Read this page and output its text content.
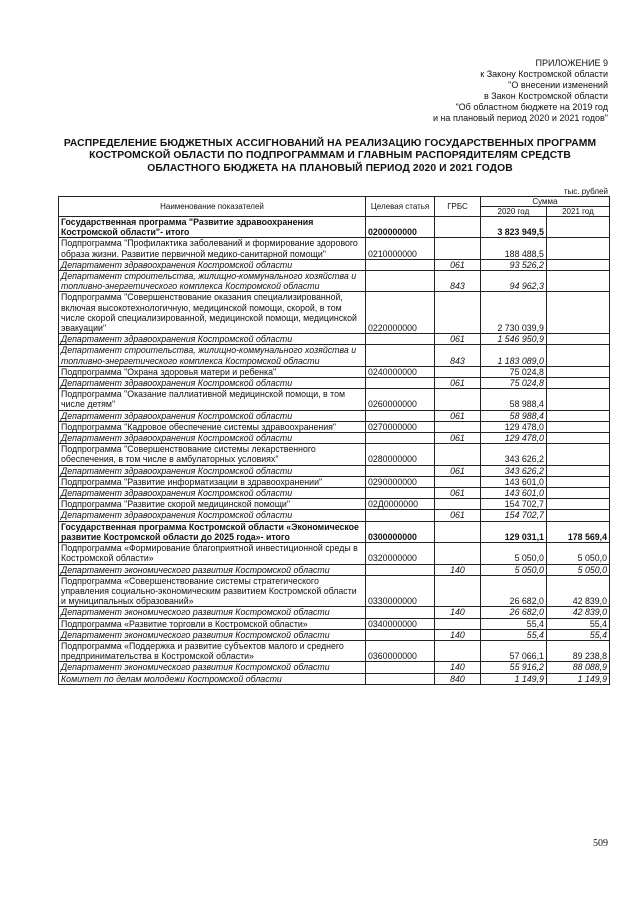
ПРИЛОЖЕНИЕ 9
к Закону Костромской области
"О внесении изменений
в Закон Костромской области
"Об областном бюджете на 2019 год
и на плановый период 2020 и 2021 годов"
РАСПРЕДЕЛЕНИЕ БЮДЖЕТНЫХ АССИГНОВАНИЙ НА РЕАЛИЗАЦИЮ ГОСУДАРСТВЕННЫХ ПРОГРАММ КОСТРОМСКОЙ ОБЛАСТИ ПО ПОДПРОГРАММАМ И ГЛАВНЫМ РАСПОРЯДИТЕЛЯМ СРЕДСТВ ОБЛАСТНОГО БЮДЖЕТА НА ПЛАНОВЫЙ ПЕРИОД 2020 И 2021 ГОДОВ
тыс. рублей
Наименование показателей	Целевая статья	ГРБС	Сумма	
			2020 год	2021 год
Государственная программа "Развитие здравоохранения Костромской области"- итого	0200000000		3 823 949,5	
Подпрограмма "Профилактика заболеваний и формирование здорового образа жизни. Развитие первичной медико-санитарной помощи"	0210000000		188 488,5	
Департамент здравоохранения Костромской области		061	93 526,2	
Департамент строительства, жилищно-коммунального хозяйства и топливно-энергетического комплекса Костромской области		843	94 962,3	
Подпрограмма "Совершенствование оказания специализированной, включая высокотехнологичную, медицинской помощи, скорой, в том числе скорой специализированной, медицинской помощи, медицинской эвакуации"	0220000000		2 730 039,9	
Департамент здравоохранения Костромской области		061	1 546 950,9	
Департамент строительства, жилищно-коммунального хозяйства и топливно-энергетического комплекса Костромской области		843	1 183 089,0	
Подпрограмма "Охрана здоровья матери и ребенка"	0240000000		75 024,8	
Департамент здравоохранения Костромской области		061	75 024,8	
Подпрограмма "Оказание паллиативной медицинской помощи, в том числе детям"	0260000000		58 988,4	
Департамент здравоохранения Костромской области		061	58 988,4	
Подпрограмма "Кадровое обеспечение системы здравоохранения"	0270000000		129 478,0	
Департамент здравоохранения Костромской области		061	129 478,0	
Подпрограмма "Совершенствование системы лекарственного обеспечения, в том числе в амбулаторных условиях"	0280000000		343 626,2	
Департамент здравоохранения Костромской области		061	343 626,2	
Подпрограмма "Развитие информатизации в здравоохранении"	0290000000		143 601,0	
Департамент здравоохранения Костромской области		061	143 601,0	
Подпрограмма "Развитие скорой медицинской помощи"	02Д0000000		154 702,7	
Департамент здравоохранения Костромской области		061	154 702,7	
Государственная программа Костромской области «Экономическое развитие Костромской области до 2025 года»- итого	0300000000		129 031,1	178 569,4
Подпрограмма «Формирование благоприятной инвестиционной среды в Костромской области»	0320000000		5 050,0	5 050,0
Департамент экономического развития Костромской области		140	5 050,0	5 050,0
Подпрограмма «Совершенствование системы стратегического управления социально-экономическим развитием Костромской области и муниципальных образований»	0330000000		26 682,0	42 839,0
Департамент экономического развития Костромской области		140	26 682,0	42 839,0
Подпрограмма «Развитие торговли в Костромской области»	0340000000		55,4	55,4
Департамент экономического развития Костромской области		140	55,4	55,4
Подпрограмма «Поддержка и развитие субъектов малого и среднего предпринимательства в Костромской области»	0360000000		57 066,1	89 238,8
Департамент экономического развития Костромской области		140	55 916,2	88 088,9
Комитет по делам молодежи Костромской области		840	1 149,9	1 149,9
509
